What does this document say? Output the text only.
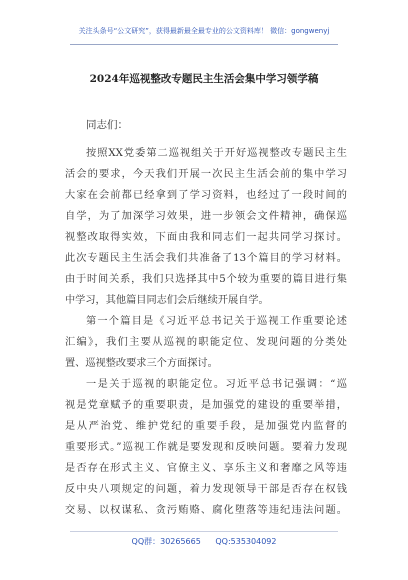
关注头条号“公文研究”，获得最新最全最专业的公文资料库！ 微信：gongwenyj
2024年巡视整改专题民主生活会集中学习领学稿
同志们：
按照XX党委第二巡视组关于开好巡视整改专题民主生
活会的要求，今天我们开展一次民主生活会前的集中学习
大家在会前都已经拿到了学习资料，也经过了一段时间的
自学，为了加深学习效果，进一步领会文件精神，确保巡
视整改取得实效，下面由我和同志们一起共同学习探讨。
此次专题民主生活会我们共准备了13个篇目的学习材料。
由于时间关系，我们只选择其中5个较为重要的篇目进行集
中学习，其他篇目同志们会后继续开展自学。
第一个篇目是《习近平总书记关于巡视工作重要论述
汇编》，我们主要从巡视的职能定位、发现问题的分类处
置、巡视整改要求三个方面探讨。
一是关于巡视的职能定位。习近平总书记强调：“巡
视是党章赋予的重要职责，是加强党的建设的重要举措，
是从严治党、维护党纪的重要手段，是加强党内监督的
重要形式。”巡视工作就是要发现和反映问题。要着力发现
是否存在形式主义、官僚主义、享乐主义和奢靡之风等违
反中央八项规定的问题，着力发现领导干部是否存在权钱
交易、以权谋私、贪污贿赂、腐化堕落等违纪违法问题。
QQ群：30265665 QQ:535304092
